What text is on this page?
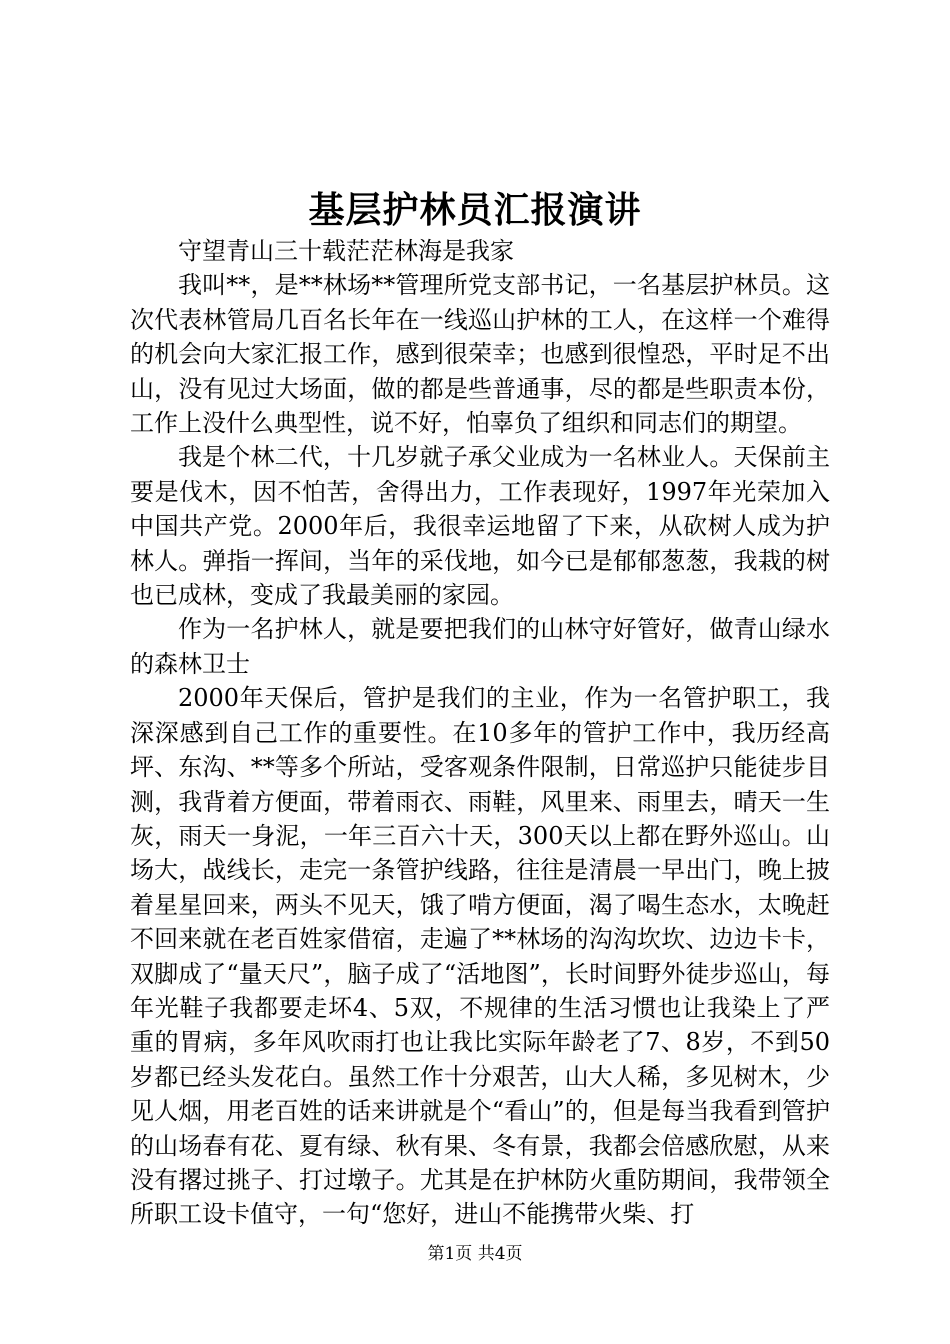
基层护林员汇报演讲

守望青山三十载茫茫林海是我家

我叫**，是**林场**管理所党支部书记，一名基层护林员。这次代表林管局几百名长年在一线巡山护林的工人，在这样一个难得的机会向大家汇报工作，感到很荣幸；也感到很惶恐，平时足不出山，没有见过大场面，做的都是些普通事，尽的都是些职责本份，工作上没什么典型性，说不好，怕辜负了组织和同志们的期望。

我是个林二代，十几岁就子承父业成为一名林业人。天保前主要是伐木，因不怕苦，舍得出力，工作表现好，1997年光荣加入中国共产党。2000年后，我很幸运地留了下来，从砍树人成为护林人。弹指一挥间，当年的采伐地，如今已是郁郁葱葱，我栽的树也已成林，变成了我最美丽的家园。

作为一名护林人，就是要把我们的山林守好管好，做青山绿水的森林卫士

2000年天保后，管护是我们的主业，作为一名管护职工，我深深感到自己工作的重要性。在10多年的管护工作中，我历经高坪、东沟、**等多个所站，受客观条件限制，日常巡护只能徒步目测，我背着方便面，带着雨衣、雨鞋，风里来、雨里去，晴天一生灰，雨天一身泥，一年三百六十天，300天以上都在野外巡山。山场大，战线长，走完一条管护线路，往往是清晨一早出门，晚上披着星星回来，两头不见天，饿了啃方便面，渴了喝生态水，太晚赶不回来就在老百姓家借宿，走遍了**林场的沟沟坎坎、边边卡卡，双脚成了“量天尺”，脑子成了“活地图”，长时间野外徒步巡山，每年光鞋子我都要走坏4、5双，不规律的生活习惯也让我染上了严重的胃病，多年风吹雨打也让我比实际年龄老了7、8岁，不到50岁都已经头发花白。虽然工作十分艰苦，山大人稀，多见树木，少见人烟，用老百姓的话来讲就是个“看山”的，但是每当我看到管护的山场春有花、夏有绿、秋有果、冬有景，我都会倍感欣慰，从来没有撂过挑子、打过墩子。尤其是在护林防火重防期间，我带领全所职工设卡值守，一句“您好，进山不能携带火柴、打

第1页 共4页
